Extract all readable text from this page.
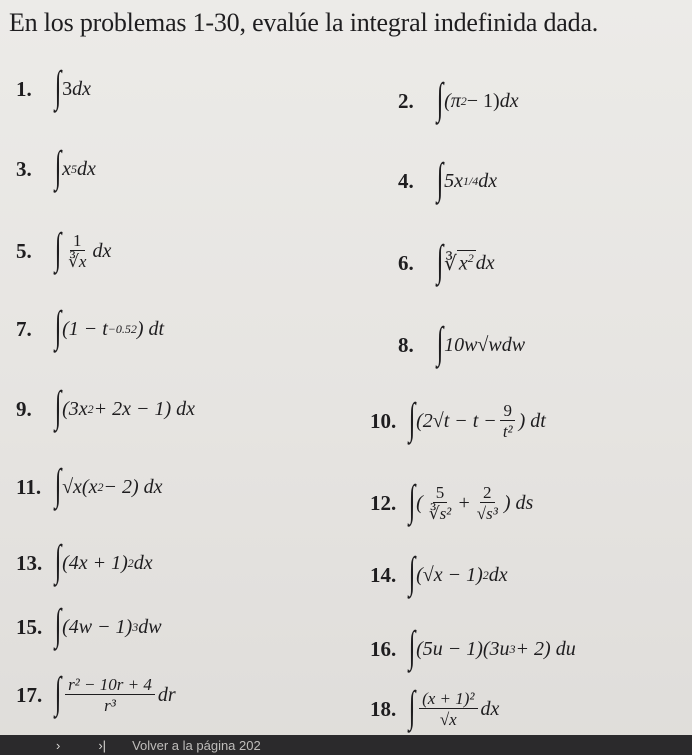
En los problemas 1-30, evalúe la integral indefinida dada.
1. ∫ 3 dx	2. ∫ (π 2 − 1) dx
3. ∫ x 5 dx	4. ∫ 5x 1/4 dx
5. ∫ $\frac{1}{∛x}$ dx	6. ∫ ∛ $x^2$ dx
7. ∫ (1 − t −0.52 ) dt
8. ∫ 10w √w dw
9. ∫ (3x 2 + 2x − 1) dx	10. ∫ ($2√t - t - \frac{9}{\text{t²}}$ ) dt
11. ∫ √x (x 2 − 2) dx
12. ∫ ( $\frac{5}{\text{∛s²}} + \frac{2}{\text{√s³}}$ ) ds
13. ∫ (4x + 1) 2 dx	14. ∫ (√x − 1) 2 dx
15. ∫ (4w − 1) 3 dw
16. ∫ (5u − 1)(3u 3 + 2) du
17. ∫ $\frac{\text{r² − 10r + 4}}{\text{r³}}$ dr
18. ∫ $\frac{\text{(x + 1)²}}{√x}$ dx
›	›| Volver a la página 202
